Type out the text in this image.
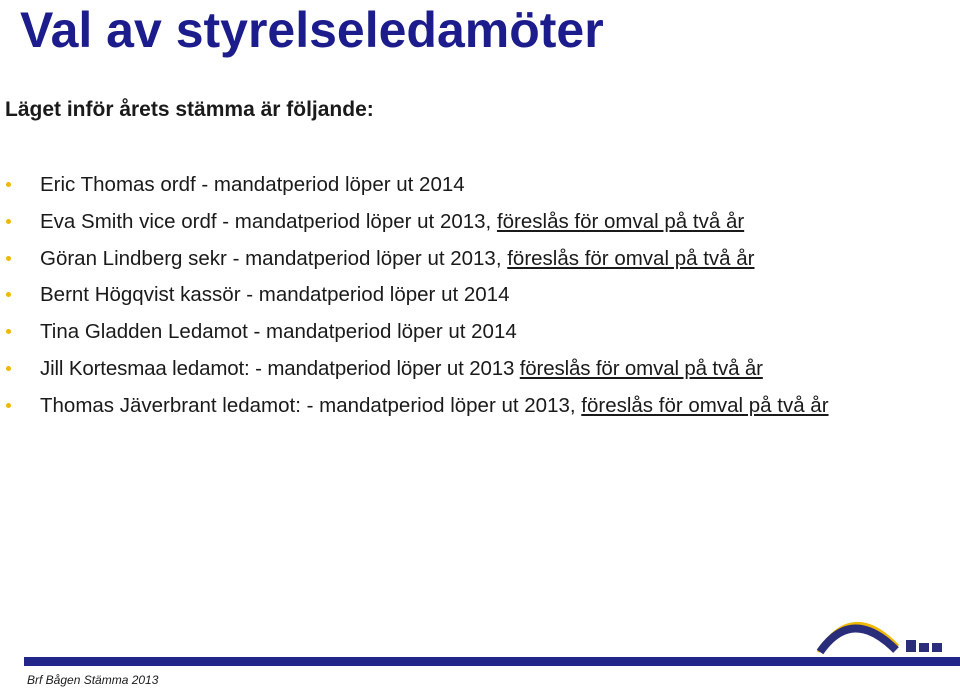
Val av styrelseledamöter
Läget inför årets stämma är följande:
Eric Thomas ordf - mandatperiod löper ut 2014
Eva Smith vice ordf - mandatperiod löper ut 2013, föreslås för omval på två år
Göran Lindberg sekr - mandatperiod löper ut 2013, föreslås för omval på två år
Bernt Högqvist kassör - mandatperiod löper ut 2014
Tina Gladden Ledamot - mandatperiod löper ut 2014
Jill Kortesmaa ledamot: - mandatperiod löper ut 2013 föreslås för omval på två år
Thomas Jäverbrant ledamot: - mandatperiod löper ut 2013, föreslås för omval på två år
Brf Bågen Stämma 2013
